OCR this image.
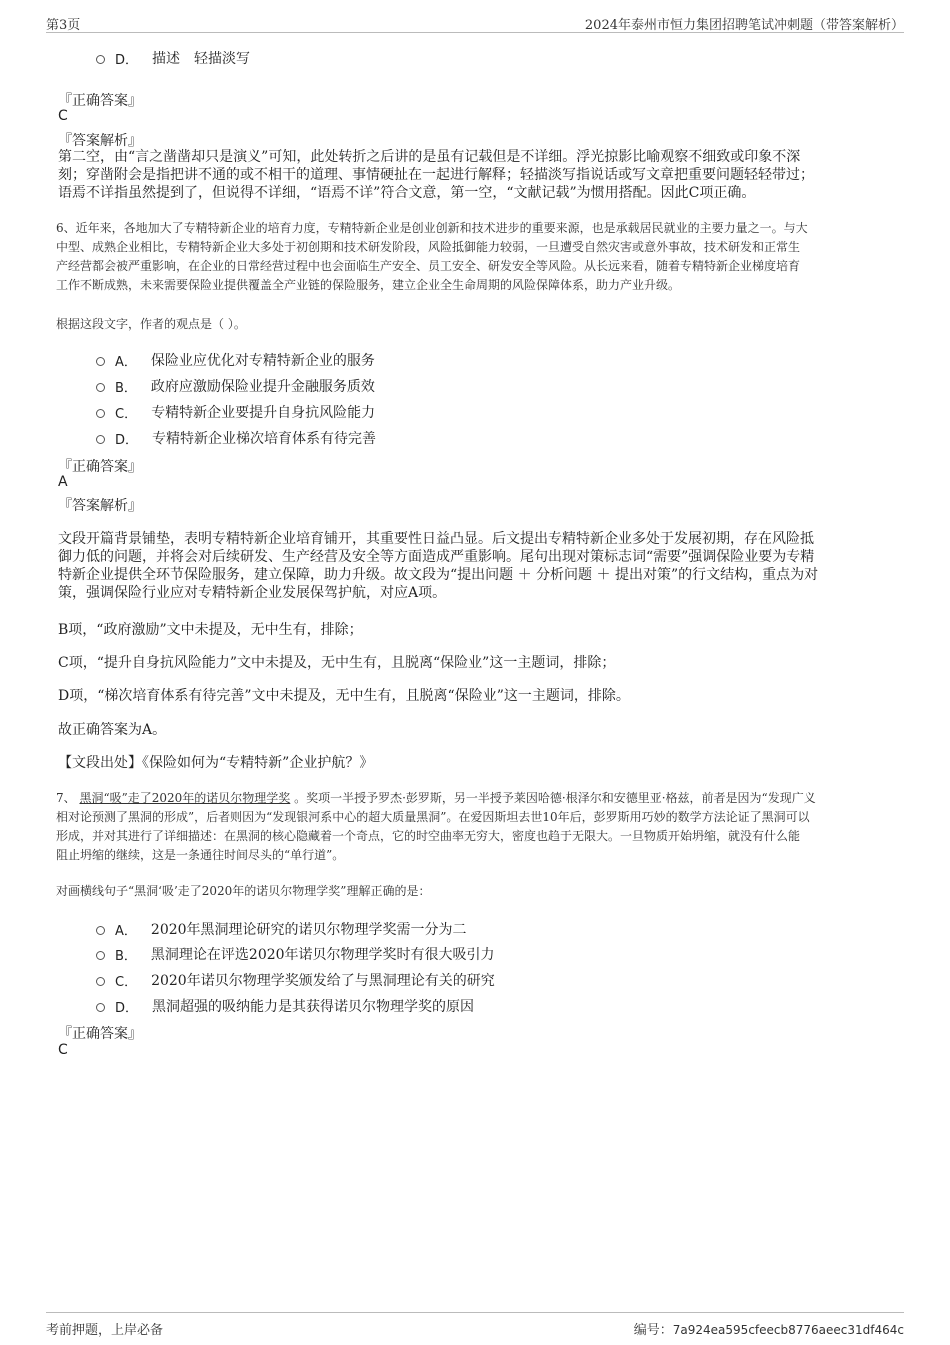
第3页	2024年泰州市恒力集团招聘笔试冲刺题（带答案解析）
D． 描述　轻描淡写
『正确答案』
C
『答案解析』
第二空，由“言之凿凿却只是演义”可知，此处转折之后讲的是虽有记载但是不详细。浮光掠影比喻观察不细致或印象不深
刻；穿凿附会是指把讲不通的或不相干的道理、事情硬扯在一起进行解释；轻描淡写指说话或写文章把重要问题轻轻带过；
语焉不详指虽然提到了，但说得不详细，“语焉不详”符合文意，第一空，“文献记载”为惯用搭配。因此C项正确。
6、近年来，各地加大了专精特新企业的培育力度，专精特新企业是创业创新和技术进步的重要来源，也是承载居民就业的主要力量之一。与大
中型、成熟企业相比，专精特新企业大多处于初创期和技术研发阶段，风险抵御能力较弱，一旦遭受自然灾害或意外事故，技术研发和正常生
产经营都会被严重影响，在企业的日常经营过程中也会面临生产安全、员工安全、研发安全等风险。从长远来看，随着专精特新企业梯度培育
工作不断成熟，未来需要保险业提供覆盖全产业链的保险服务，建立企业全生命周期的风险保障体系，助力产业升级。
根据这段文字，作者的观点是（ ）。
A． 保险业应优化对专精特新企业的服务
B． 政府应激励保险业提升金融服务质效
C． 专精特新企业要提升自身抗风险能力
D． 专精特新企业梯次培育体系有待完善
『正确答案』
A
『答案解析』
文段开篇背景铺垫，表明专精特新企业培育铺开，其重要性日益凸显。后文提出专精特新企业多处于发展初期，存在风险抵
御力低的问题，并将会对后续研发、生产经营及安全等方面造成严重影响。尾句出现对策标志词“需要”强调保险业要为专精
特新企业提供全环节保险服务，建立保障，助力升级。故文段为“提出问题 ＋ 分析问题 ＋ 提出对策”的行文结构，重点为对
策，强调保险行业应对专精特新企业发展保驾护航，对应A项。
B项，“政府激励”文中未提及，无中生有，排除；
C项，“提升自身抗风险能力”文中未提及，无中生有，且脱离“保险业”这一主题词，排除；
D项，“梯次培育体系有待完善”文中未提及，无中生有，且脱离“保险业”这一主题词，排除。
故正确答案为A。
【文段出处】《保险如何为“专精特新”企业护航？》
7、 黑洞“吸”走了2020年的诺贝尔物理学奖 。奖项一半授予罗杰·彭罗斯，另一半授予莱因哈德·根泽尔和安德里亚·格兹，前者是因为“发现广义
相对论预测了黑洞的形成”，后者则因为“发现银河系中心的超大质量黑洞”。在爱因斯坦去世10年后，彭罗斯用巧妙的数学方法论证了黑洞可以
形成，并对其进行了详细描述：在黑洞的核心隐藏着一个奇点，它的时空曲率无穷大，密度也趋于无限大。一旦物质开始坍缩，就没有什么能
阻止坍缩的继续，这是一条通往时间尽头的“单行道”。
对画横线句子“黑洞‘吸’走了2020年的诺贝尔物理学奖”理解正确的是：
A． 2020年黑洞理论研究的诺贝尔物理学奖需一分为二
B． 黑洞理论在评选2020年诺贝尔物理学奖时有很大吸引力
C． 2020年诺贝尔物理学奖颁发给了与黑洞理论有关的研究
D． 黑洞超强的吸纳能力是其获得诺贝尔物理学奖的原因
『正确答案』
C
考前押题，上岸必备	编号：7a924ea595cfeecb8776aeec31df464c
